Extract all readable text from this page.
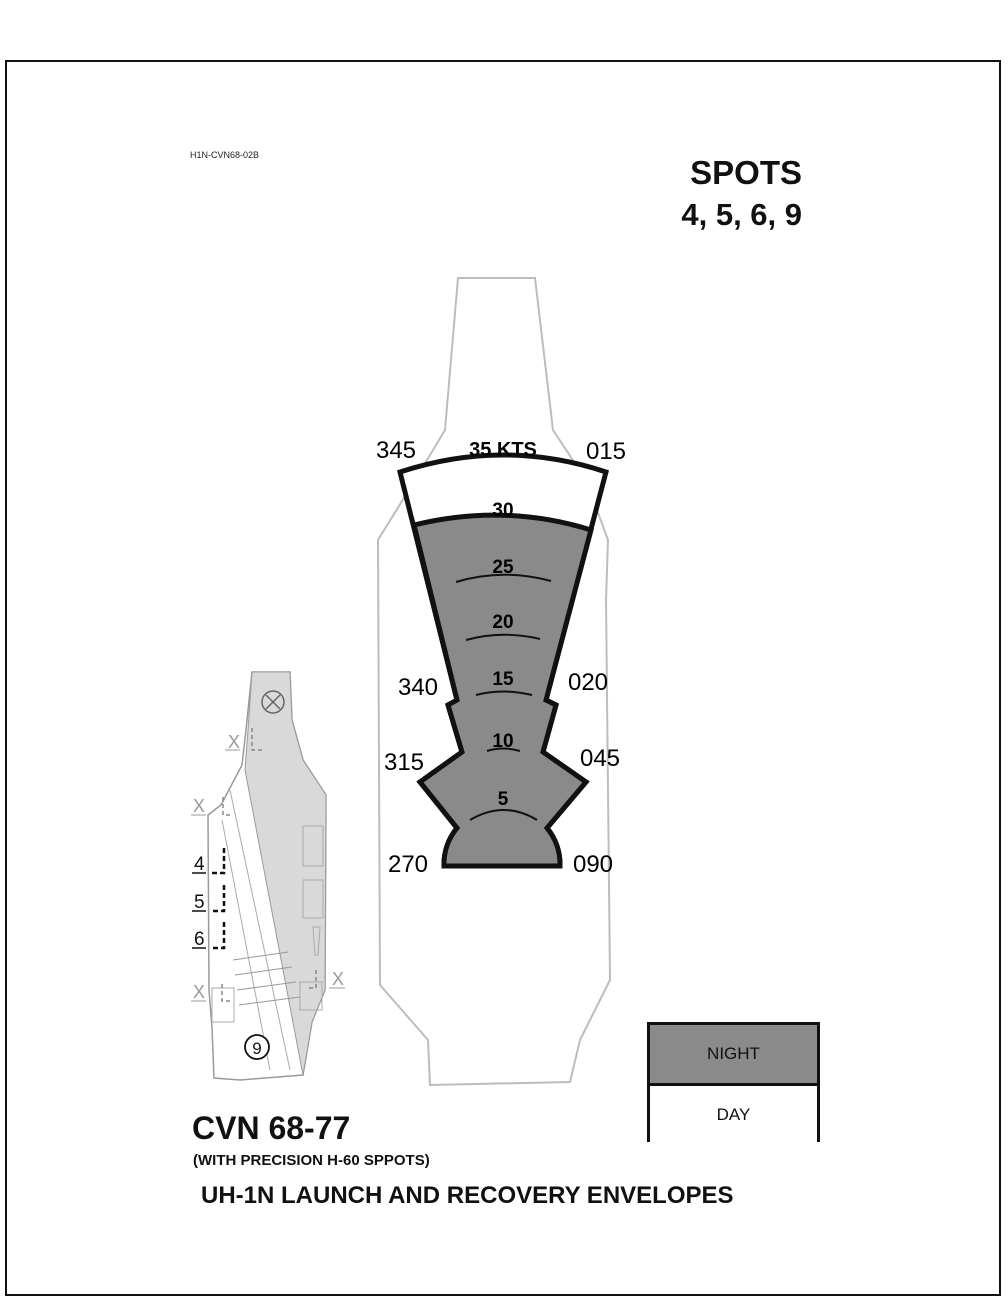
H1N-CVN68-02B	SPOTS
4, 5, 6, 9
35 KTS
30
25
20
15
10
5
345	015
340	020
315	045
270	090
X
X
X
X
4
5
6
9	NIGHT
DAY
CVN 68-77
(WITH PRECISION H-60 SPPOTS)
UH-1N LAUNCH AND RECOVERY ENVELOPES
